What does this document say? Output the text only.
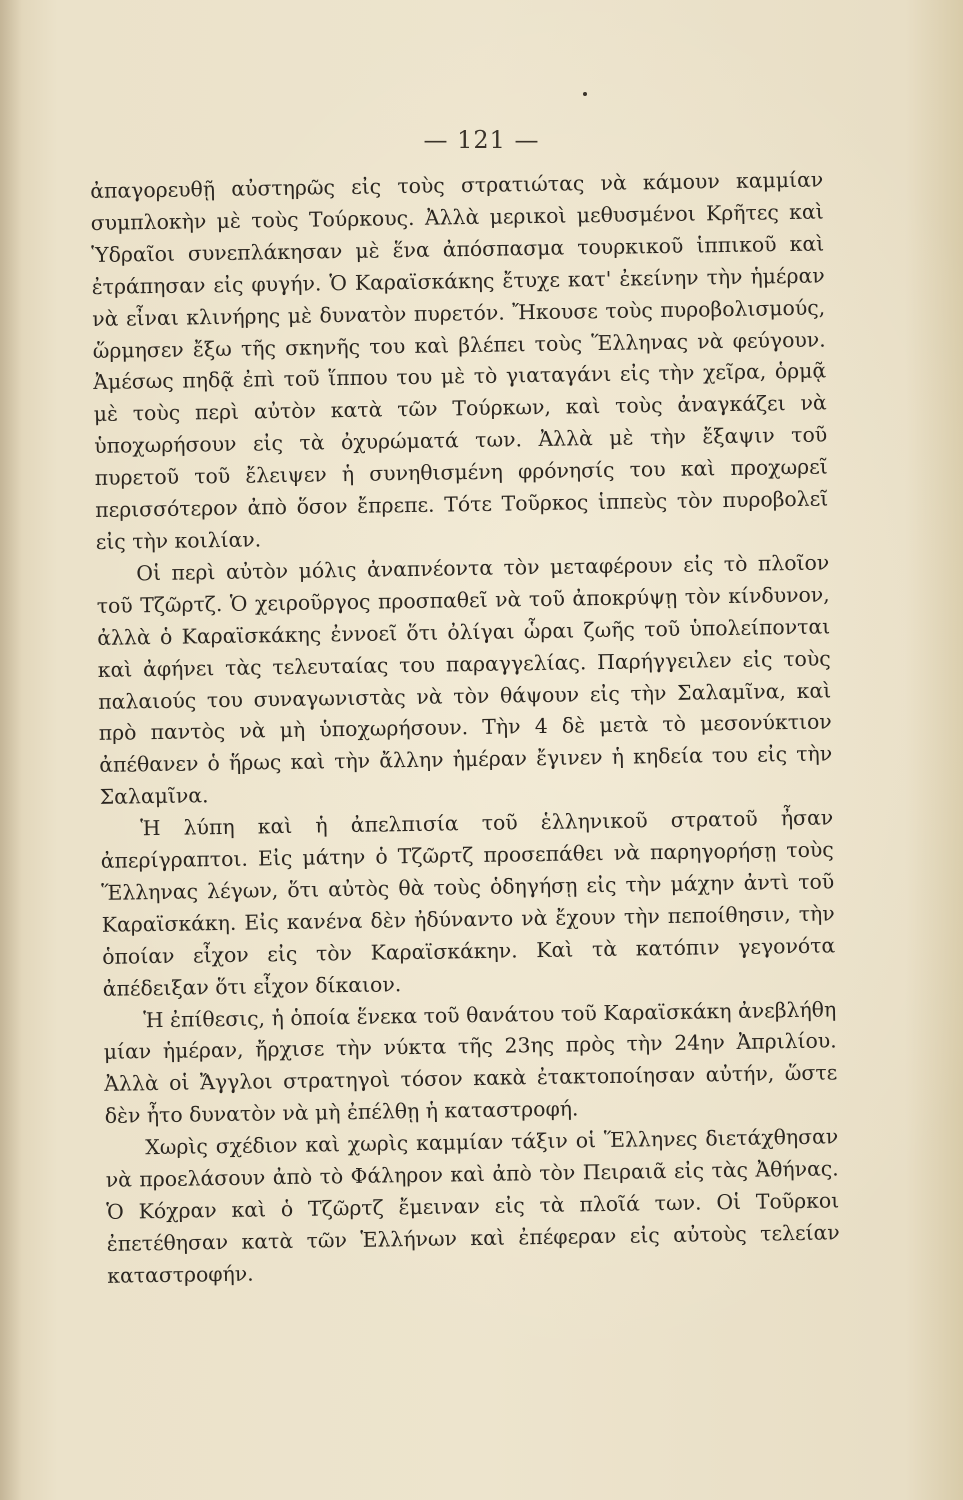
— 121 —

ἀπαγορευθῇ αὐστηρῶς εἰς τοὺς στρατιώτας νὰ κάμουν καμμίαν συμπλοκὴν μὲ τοὺς Τούρκους. Ἀλλὰ μερικοὶ μεθυσμένοι Κρῆτες καὶ Ὑδραῖοι συνεπλάκησαν μὲ ἕνα ἀπόσπασμα τουρκικοῦ ἱππικοῦ καὶ ἐτράπησαν εἰς φυγήν. Ὁ Καραϊσκάκης ἔτυχε κατ' ἐκείνην τὴν ἡμέραν νὰ εἶναι κλινήρης μὲ δυνατὸν πυρετόν. Ἤκουσε τοὺς πυροβολισμούς, ὥρμησεν ἔξω τῆς σκηνῆς του καὶ βλέπει τοὺς Ἕλληνας νὰ φεύγουν. Ἀμέσως πηδᾷ ἐπὶ τοῦ ἵππου του μὲ τὸ γιαταγάνι εἰς τὴν χεῖρα, ὁρμᾷ μὲ τοὺς περὶ αὐτὸν κατὰ τῶν Τούρκων, καὶ τοὺς ἀναγκάζει νὰ ὑποχωρήσουν εἰς τὰ ὀχυρώματά των. Ἀλλὰ μὲ τὴν ἔξαψιν τοῦ πυρετοῦ τοῦ ἔλειψεν ἡ συνηθισμένη φρόνησίς του καὶ προχωρεῖ περισσότερον ἀπὸ ὅσον ἔπρεπε. Τότε Τοῦρκος ἱππεὺς τὸν πυροβολεῖ εἰς τὴν κοιλίαν.

Οἱ περὶ αὐτὸν μόλις ἀναπνέοντα τὸν μεταφέρουν εἰς τὸ πλοῖον τοῦ Τζῶρτζ. Ὁ χειροῦργος προσπαθεῖ νὰ τοῦ ἀποκρύψῃ τὸν κίνδυνον, ἀλλὰ ὁ Καραϊσκάκης ἐννοεῖ ὅτι ὀλίγαι ὧραι ζωῆς τοῦ ὑπολείπονται καὶ ἀφήνει τὰς τελευταίας του παραγγελίας. Παρήγγειλεν εἰς τοὺς παλαιούς του συναγωνιστὰς νὰ τὸν θάψουν εἰς τὴν Σαλαμῖνα, καὶ πρὸ παντὸς νὰ μὴ ὑποχωρήσουν. Τὴν 4 δὲ μετὰ τὸ μεσονύκτιον ἀπέθανεν ὁ ἥρως καὶ τὴν ἄλλην ἡμέραν ἔγινεν ἡ κηδεία του εἰς τὴν Σαλαμῖνα.

Ἡ λύπη καὶ ἡ ἀπελπισία τοῦ ἑλληνικοῦ στρατοῦ ἦσαν ἀπερίγραπτοι. Εἰς μάτην ὁ Τζῶρτζ προσεπάθει νὰ παρηγορήσῃ τοὺς Ἕλληνας λέγων, ὅτι αὐτὸς θὰ τοὺς ὁδηγήσῃ εἰς τὴν μάχην ἀντὶ τοῦ Καραϊσκάκη. Εἰς κανένα δὲν ἠδύναντο νὰ ἔχουν τὴν πεποίθησιν, τὴν ὁποίαν εἶχον εἰς τὸν Καραϊσκάκην. Καὶ τὰ κατόπιν γεγονότα ἀπέδειξαν ὅτι εἶχον δίκαιον.

Ἡ ἐπίθεσις, ἡ ὁποία ἕνεκα τοῦ θανάτου τοῦ Καραϊσκάκη ἀνεβλήθη μίαν ἡμέραν, ἤρχισε τὴν νύκτα τῆς 23ης πρὸς τὴν 24ην Ἀπριλίου. Ἀλλὰ οἱ Ἄγγλοι στρατηγοὶ τόσον κακὰ ἐτακτοποίησαν αὐτήν, ὥστε δὲν ἦτο δυνατὸν νὰ μὴ ἐπέλθῃ ἡ καταστροφή.

Χωρὶς σχέδιον καὶ χωρὶς καμμίαν τάξιν οἱ Ἕλληνες διετάχθησαν νὰ προελάσουν ἀπὸ τὸ Φάληρον καὶ ἀπὸ τὸν Πειραιᾶ εἰς τὰς Ἀθήνας. Ὁ Κόχραν καὶ ὁ Τζῶρτζ ἔμειναν εἰς τὰ πλοῖά των. Οἱ Τοῦρκοι ἐπετέθησαν κατὰ τῶν Ἑλλήνων καὶ ἐπέφεραν εἰς αὐτοὺς τελείαν καταστροφήν.
